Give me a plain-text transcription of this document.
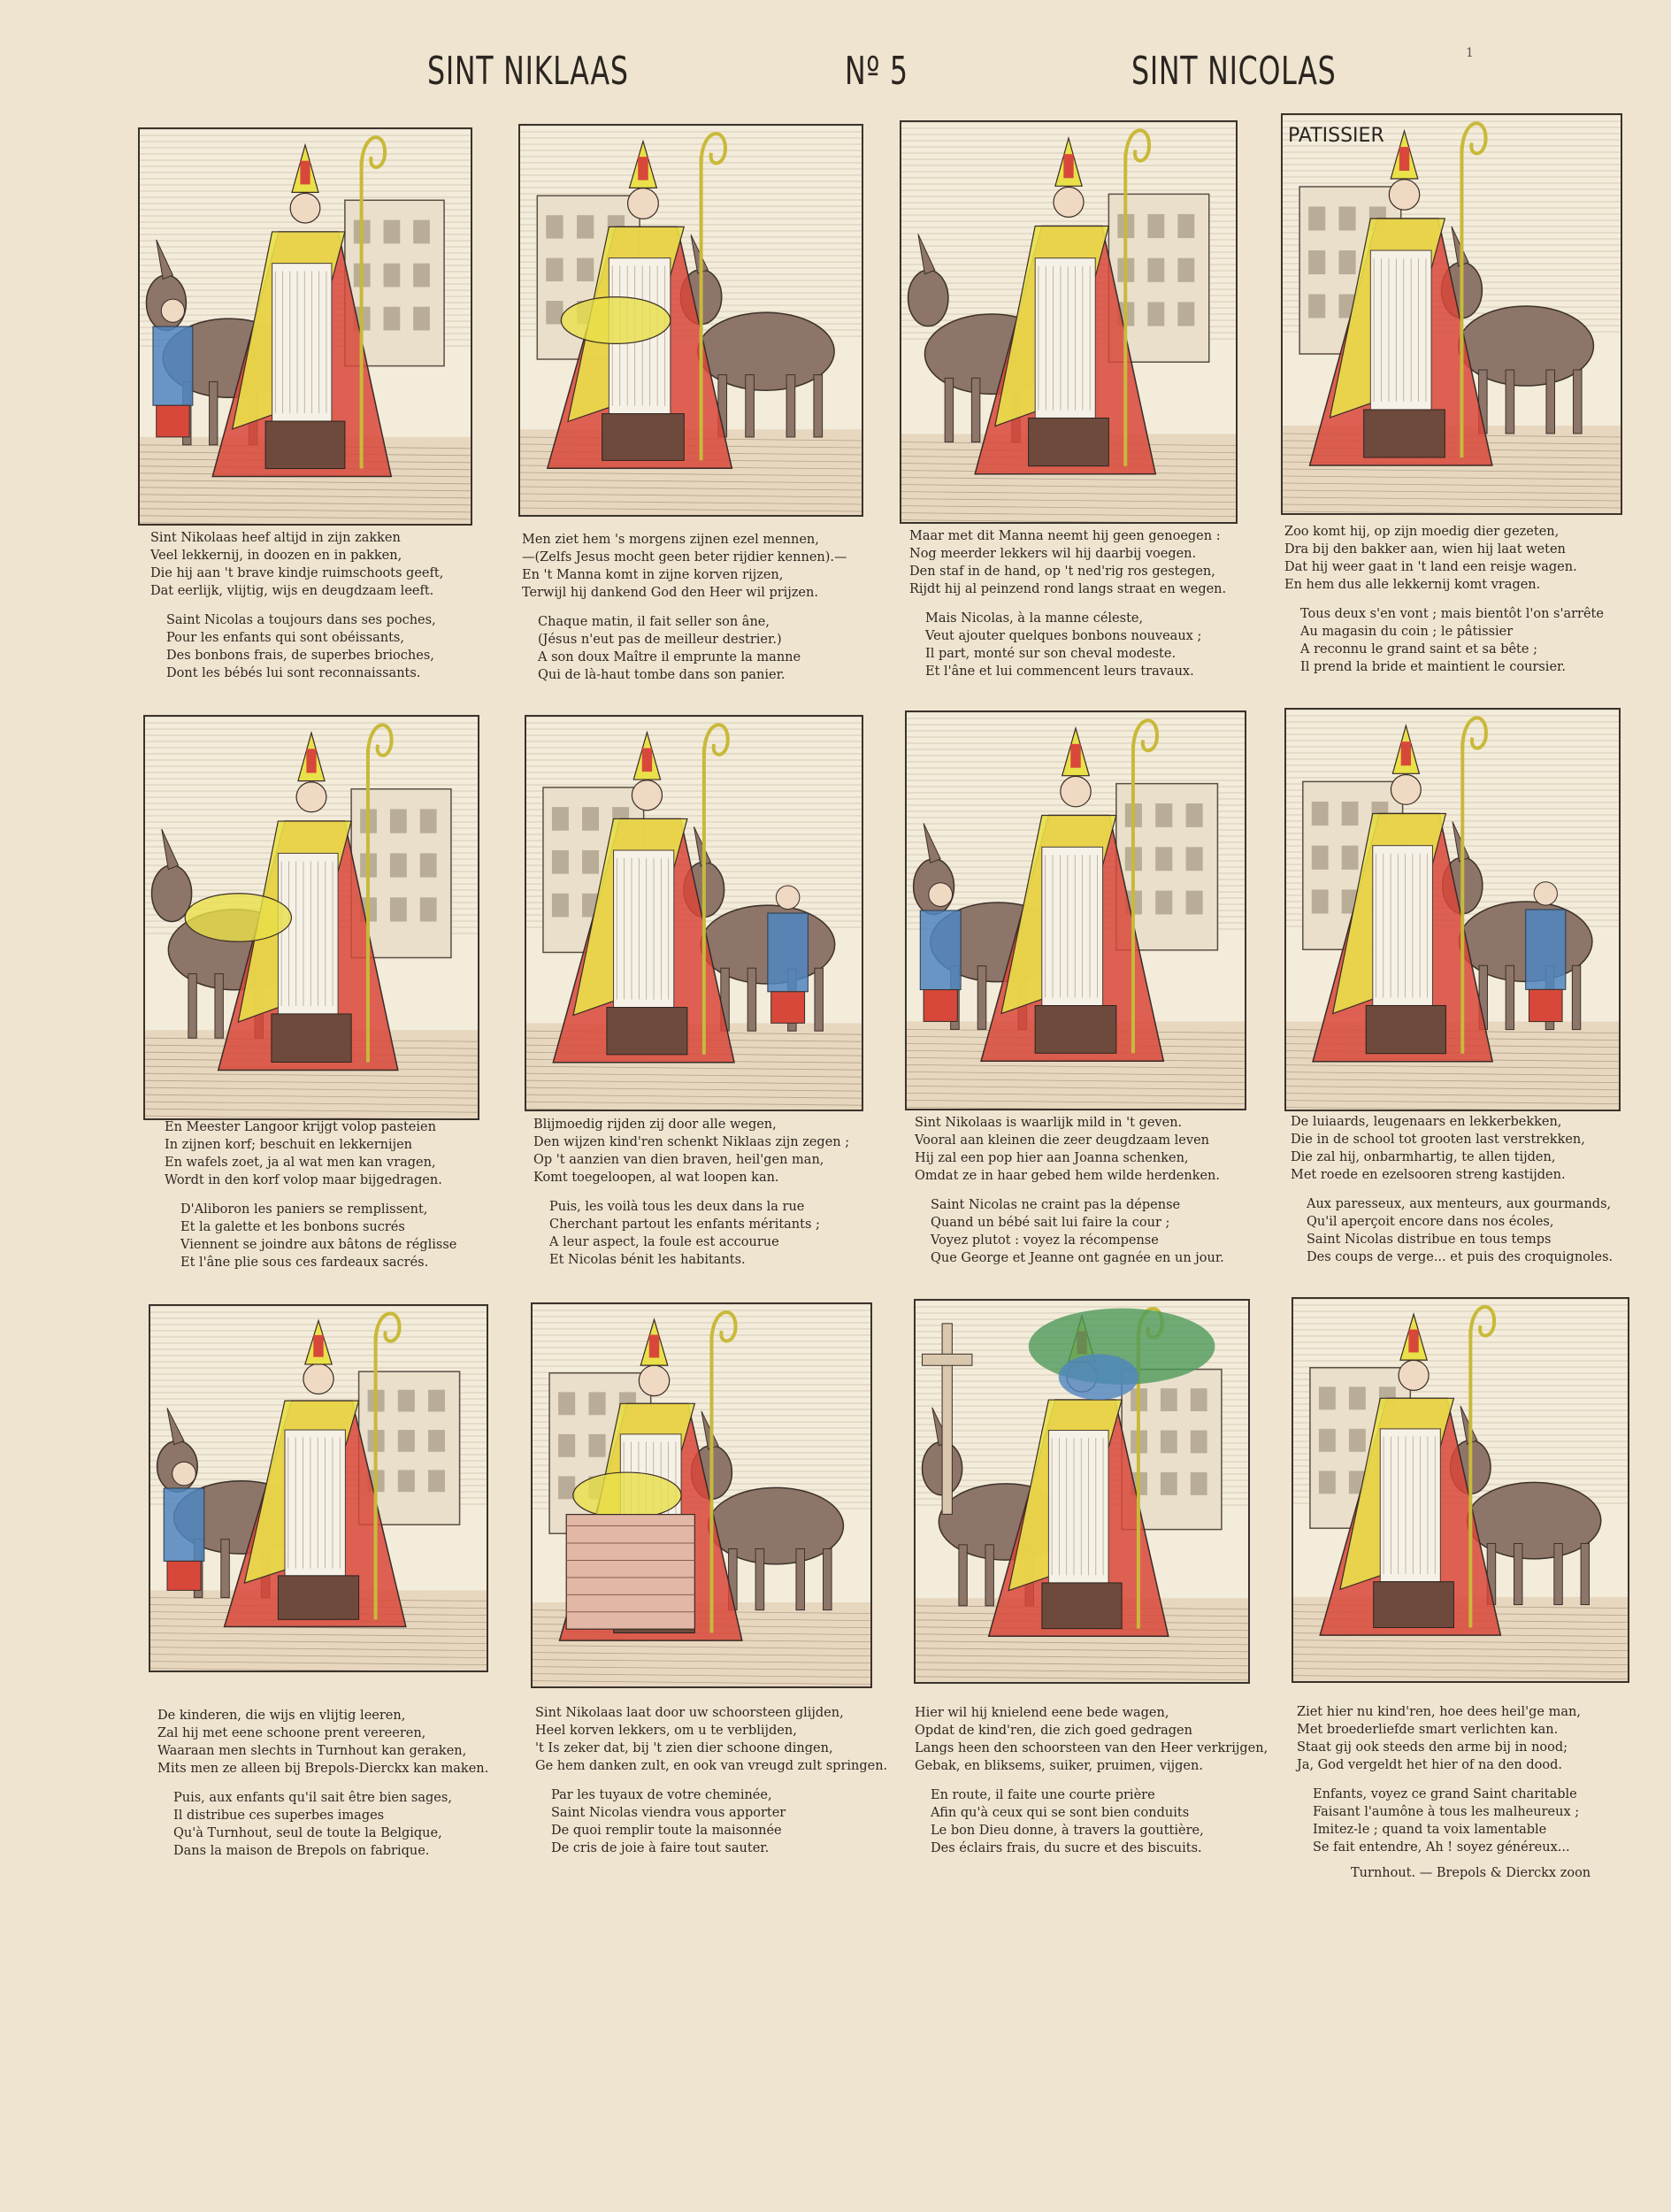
SINT NIKLAAS	Nº 5	SINT NICOLAS	1
Sint Nikolaas heef altijd in zijn zakken
Veel lekkernij, in doozen en in pakken,
Die hij aan 't brave kindje ruimschoots geeft,
Dat eerlijk, vlijtig, wijs en deugdzaam leeft.
Saint Nicolas a toujours dans ses poches,
Pour les enfants qui sont obéissants,
Des bonbons frais, de superbes brioches,
Dont les bébés lui sont reconnaissants.
Men ziet hem 's morgens zijnen ezel mennen,
—(Zelfs Jesus mocht geen beter rijdier kennen).—
En 't Manna komt in zijne korven rijzen,
Terwijl hij dankend God den Heer wil prijzen.
Chaque matin, il fait seller son âne,
(Jésus n'eut pas de meilleur destrier.)
A son doux Maître il emprunte la manne
Qui de là-haut tombe dans son panier.
Maar met dit Manna neemt hij geen genoegen :
Nog meerder lekkers wil hij daarbij voegen.
Den staf in de hand, op 't ned'rig ros gestegen,
Rijdt hij al peinzend rond langs straat en wegen.
Mais Nicolas, à la manne céleste,
Veut ajouter quelques bonbons nouveaux ;
Il part, monté sur son cheval modeste.
Et l'âne et lui commencent leurs travaux.
PATISSIER
Zoo komt hij, op zijn moedig dier gezeten,
Dra bij den bakker aan, wien hij laat weten
Dat hij weer gaat in 't land een reisje wagen.
En hem dus alle lekkernij komt vragen.
Tous deux s'en vont ; mais bientôt l'on s'arrête
Au magasin du coin ; le pâtissier
A reconnu le grand saint et sa bête ;
Il prend la bride et maintient le coursier.
En Meester Langoor krijgt volop pasteien
In zijnen korf; beschuit en lekkernijen
En wafels zoet, ja al wat men kan vragen,
Wordt in den korf volop maar bijgedragen.
D'Aliboron les paniers se remplissent,
Et la galette et les bonbons sucrés
Viennent se joindre aux bâtons de réglisse
Et l'âne plie sous ces fardeaux sacrés.
Blijmoedig rijden zij door alle wegen,
Den wijzen kind'ren schenkt Niklaas zijn zegen ;
Op 't aanzien van dien braven, heil'gen man,
Komt toegeloopen, al wat loopen kan.
Puis, les voilà tous les deux dans la rue
Cherchant partout les enfants méritants ;
A leur aspect, la foule est accourue
Et Nicolas bénit les habitants.
Sint Nikolaas is waarlijk mild in 't geven.
Vooral aan kleinen die zeer deugdzaam leven
Hij zal een pop hier aan Joanna schenken,
Omdat ze in haar gebed hem wilde herdenken.
Saint Nicolas ne craint pas la dépense
Quand un bébé sait lui faire la cour ;
Voyez plutot : voyez la récompense
Que George et Jeanne ont gagnée en un jour.
De luiaards, leugenaars en lekkerbekken,
Die in de school tot grooten last verstrekken,
Die zal hij, onbarmhartig, te allen tijden,
Met roede en ezelsooren streng kastijden.
Aux paresseux, aux menteurs, aux gourmands,
Qu'il aperçoit encore dans nos écoles,
Saint Nicolas distribue en tous temps
Des coups de verge... et puis des croquignoles.
De kinderen, die wijs en vlijtig leeren,
Zal hij met eene schoone prent vereeren,
Waaraan men slechts in Turnhout kan geraken,
Mits men ze alleen bij Brepols-Dierckx kan maken.
Puis, aux enfants qu'il sait être bien sages,
Il distribue ces superbes images
Qu'à Turnhout, seul de toute la Belgique,
Dans la maison de Brepols on fabrique.
Sint Nikolaas laat door uw schoorsteen glijden,
Heel korven lekkers, om u te verblijden,
't Is zeker dat, bij 't zien dier schoone dingen,
Ge hem danken zult, en ook van vreugd zult springen.
Par les tuyaux de votre cheminée,
Saint Nicolas viendra vous apporter
De quoi remplir toute la maisonnée
De cris de joie à faire tout sauter.
Hier wil hij knielend eene bede wagen,
Opdat de kind'ren, die zich goed gedragen
Langs heen den schoorsteen van den Heer verkrijgen,
Gebak, en bliksems, suiker, pruimen, vijgen.
En route, il faite une courte prière
Afin qu'à ceux qui se sont bien conduits
Le bon Dieu donne, à travers la gouttière,
Des éclairs frais, du sucre et des biscuits.
Ziet hier nu kind'ren, hoe dees heil'ge man,
Met broederliefde smart verlichten kan.
Staat gij ook steeds den arme bij in nood;
Ja, God vergeldt het hier of na den dood.
Enfants, voyez ce grand Saint charitable
Faisant l'aumône à tous les malheureux ;
Imitez-le ; quand ta voix lamentable
Se fait entendre, Ah ! soyez généreux...
Turnhout. — Brepols & Dierckx zoon
